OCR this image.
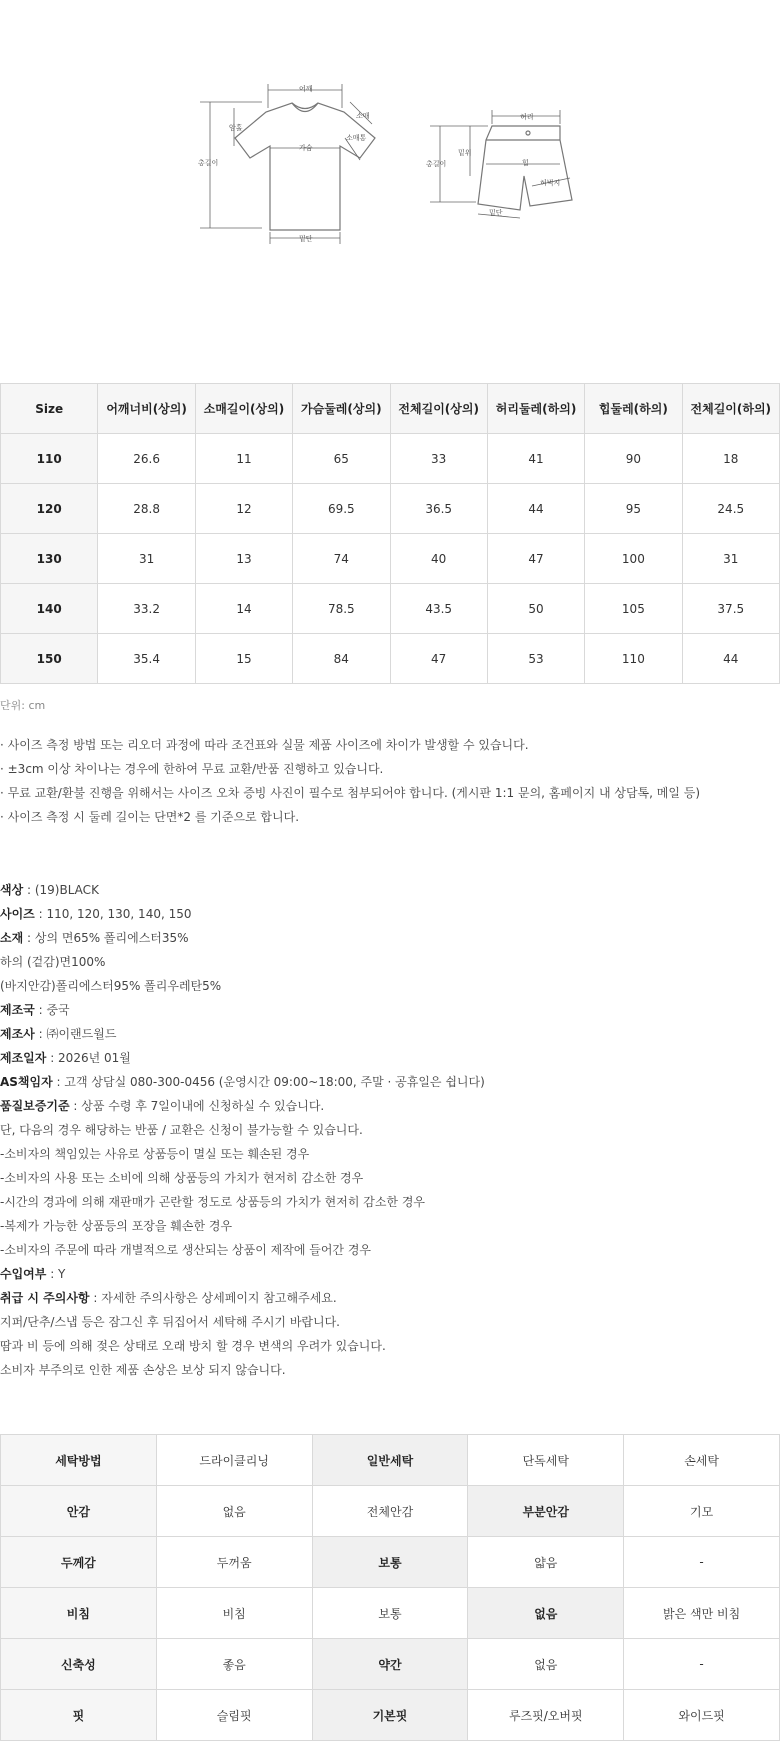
어깨
암홀
소매
소매통
가슴
총길이
밑단
허리
밑위
힙
허벅지
총길이
밑단
Size	어깨너비(상의)	소매길이(상의)	가슴둘레(상의)	전체길이(상의)	허리둘레(하의)	힙둘레(하의)	전체길이(하의)
110	26.6	11	65	33	41	90	18
120	28.8	12	69.5	36.5	44	95	24.5
130	31	13	74	40	47	100	31
140	33.2	14	78.5	43.5	50	105	37.5
150	35.4	15	84	47	53	110	44
단위: cm
· 사이즈 측정 방법 또는 리오더 과정에 따라 조건표와 실물 제품 사이즈에 차이가 발생할 수 있습니다.
· ±3cm 이상 차이나는 경우에 한하여 무료 교환/반품 진행하고 있습니다.
· 무료 교환/환불 진행을 위해서는 사이즈 오차 증빙 사진이 필수로 첨부되어야 합니다. (게시판 1:1 문의, 홈페이지 내 상담톡, 메일 등)
· 사이즈 측정 시 둘레 길이는 단면*2 를 기준으로 합니다.
색상 : (19)BLACK
사이즈 : 110, 120, 130, 140, 150
소재 : 상의 면65% 폴리에스터35%
하의 (겉감)면100%
(바지안감)폴리에스터95% 폴리우레탄5%
제조국 : 중국
제조사 : ㈜이랜드월드
제조일자 : 2026년 01월
AS책임자 : 고객 상담실 080-300-0456 (운영시간 09:00~18:00, 주말 · 공휴일은 쉽니다)
품질보증기준 : 상품 수령 후 7일이내에 신청하실 수 있습니다.
단, 다음의 경우 해당하는 반품 / 교환은 신청이 불가능할 수 있습니다.
-소비자의 책임있는 사유로 상품등이 멸실 또는 훼손된 경우
-소비자의 사용 또는 소비에 의해 상품등의 가치가 현저히 감소한 경우
-시간의 경과에 의해 재판매가 곤란할 정도로 상품등의 가치가 현저히 감소한 경우
-복제가 가능한 상품등의 포장을 훼손한 경우
-소비자의 주문에 따라 개별적으로 생산되는 상품이 제작에 들어간 경우
수입여부 : Y
취급 시 주의사항 : 자세한 주의사항은 상세페이지 참고해주세요.
지퍼/단추/스냅 등은 잠그신 후 뒤집어서 세탁해 주시기 바랍니다.
땀과 비 등에 의해 젖은 상태로 오래 방치 할 경우 변색의 우려가 있습니다.
소비자 부주의로 인한 제품 손상은 보상 되지 않습니다.
세탁방법	드라이클리닝	일반세탁	단독세탁	손세탁
안감	없음	전체안감	부분안감	기모
두께감	두꺼움	보통	얇음	-
비침	비침	보통	없음	밝은 색만 비침
신축성	좋음	약간	없음	-
핏	슬림핏	기본핏	루즈핏/오버핏	와이드핏
